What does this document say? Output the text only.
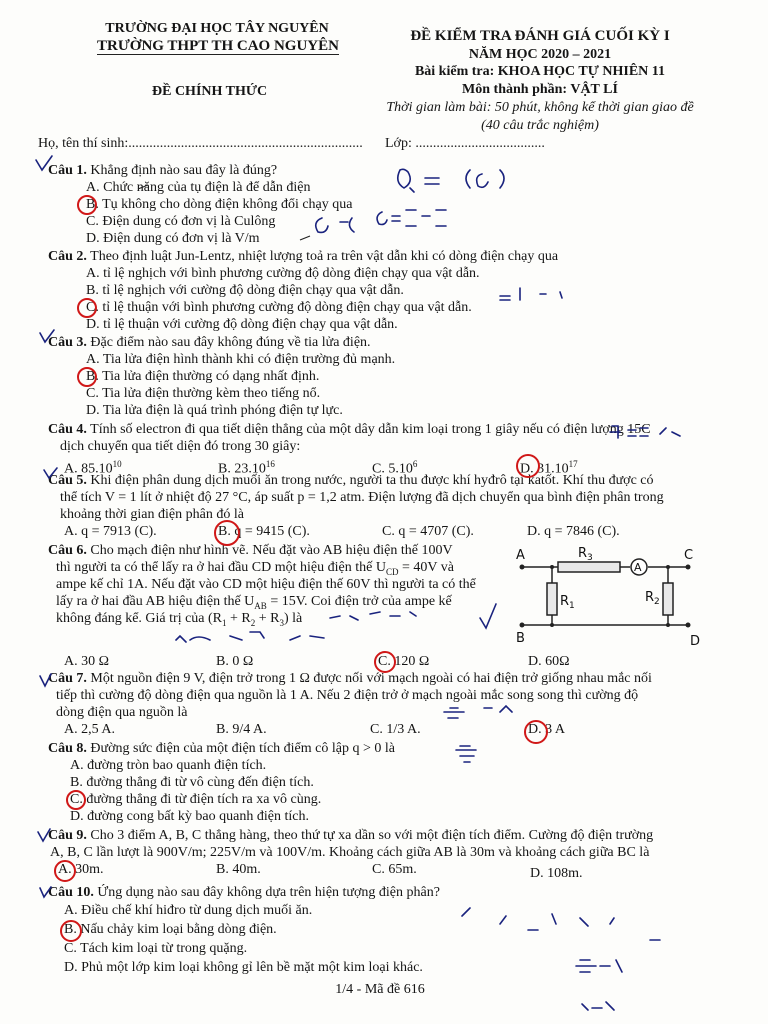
TRƯỜNG ĐẠI HỌC TÂY NGUYÊN
TRƯỜNG THPT TH CAO NGUYÊN
ĐỀ CHÍNH THỨC
ĐỀ KIỂM TRA ĐÁNH GIÁ CUỐI KỲ I
NĂM HỌC 2020 – 2021
Bài kiểm tra: KHOA HỌC TỰ NHIÊN 11
Môn thành phần: VẬT LÍ
Thời gian làm bài: 50 phút, không kể thời gian giao đề
(40 câu trắc nghiệm)
Họ, tên thí sinh:................................................................... Lớp: .....................................
Câu 1. Khẳng định nào sau đây là đúng?
A. Chức năng của tụ điện là để dẫn điện
B. Tụ không cho dòng điện không đổi chạy qua
C. Điện dung có đơn vị là Culông
D. Điện dung có đơn vị là V/m
Câu 2. Theo định luật Jun-Lentz, nhiệt lượng toả ra trên vật dẫn khi có dòng điện chạy qua
A. tỉ lệ nghịch với bình phương cường độ dòng điện chạy qua vật dẫn.
B. tỉ lệ nghịch với cường độ dòng điện chạy qua vật dẫn.
C. tỉ lệ thuận với bình phương cường độ dòng điện chạy qua vật dẫn.
D. tỉ lệ thuận với cường độ dòng điện chạy qua vật dẫn.
Câu 3. Đặc điểm nào sau đây không đúng về tia lửa điện.
A. Tia lửa điện hình thành khi có điện trường đủ mạnh.
B. Tia lửa điện thường có dạng nhất định.
C. Tia lửa điện thường kèm theo tiếng nổ.
D. Tia lửa điện là quá trình phóng điện tự lực.
Câu 4. Tính số electron đi qua tiết diện thẳng của một dây dẫn kim loại trong 1 giây nếu có điện lượng 15C
dịch chuyển qua tiết diện đó trong 30 giây:
A. 85.10$^{10}$	B. 23.10$^{16}$	C. 5.10$^6$	D. 31.10$^{17}$
Câu 5. Khi điện phân dung dịch muối ăn trong nước, người ta thu được khí hyđrô tại katốt. Khí thu được có
thể tích V = 1 lít ở nhiệt độ 27 °C, áp suất p = 1,2 atm. Điện lượng đã dịch chuyển qua bình điện phân trong
khoảng thời gian điện phân đó là
A. q = 7913 (C).	B. q = 9415 (C).	C. q = 4707 (C).	D. q = 7846 (C).
Câu 6. Cho mạch điện như hình vẽ. Nếu đặt vào AB hiệu điện thế 100V
thì người ta có thể lấy ra ở hai đầu CD một hiệu điện thế $U_{CD} = 40V$ và
ampe kế chỉ 1A. Nếu đặt vào CD một hiệu điện thế 60V thì người ta có thể
lấy ra ở hai đầu AB hiệu điện thế $U_{AB} = 15V$. Coi điện trở của ampe kế
không đáng kể. Giá trị của $(R_1 + R_2 + R_3)$ là
A. 30 Ω	B. 0 Ω	C. 120 Ω	D. 60Ω
A
B
C
D
$R_3$
$R_1$
$R_2$
A
Câu 7. Một nguồn điện 9 V, điện trở trong 1 Ω được nối với mạch ngoài có hai điện trở giống nhau mắc nối
tiếp thì cường độ dòng điện qua nguồn là 1 A. Nếu 2 điện trở ở mạch ngoài mắc song song thì cường độ
dòng điện qua nguồn là
A. 2,5 A.	B. 9/4 A.	C. 1/3 A.	D. 3 A
Câu 8. Đường sức điện của một điện tích điểm cô lập q > 0 là
A. đường tròn bao quanh điện tích.
B. đường thẳng đi từ vô cùng đến điện tích.
C. đường thẳng đi từ điện tích ra xa vô cùng.
D. đường cong bất kỳ bao quanh điện tích.
Câu 9. Cho 3 điểm A, B, C thẳng hàng, theo thứ tự xa dần so với một điện tích điểm. Cường độ điện trường
A, B, C lần lượt là 900V/m; 225V/m và 100V/m. Khoảng cách giữa AB là 30m và khoảng cách giữa BC là
A. 30m.	B. 40m.	C. 65m.	D. 108m.
Câu 10. Ứng dụng nào sau đây không dựa trên hiện tượng điện phân?
A. Điều chế khí hiđro từ dung dịch muối ăn.
B. Nấu chảy kim loại bằng dòng điện.
C. Tách kim loại từ trong quặng.
D. Phủ một lớp kim loại không gỉ lên bề mặt một kim loại khác.
1/4 - Mã đề 616
